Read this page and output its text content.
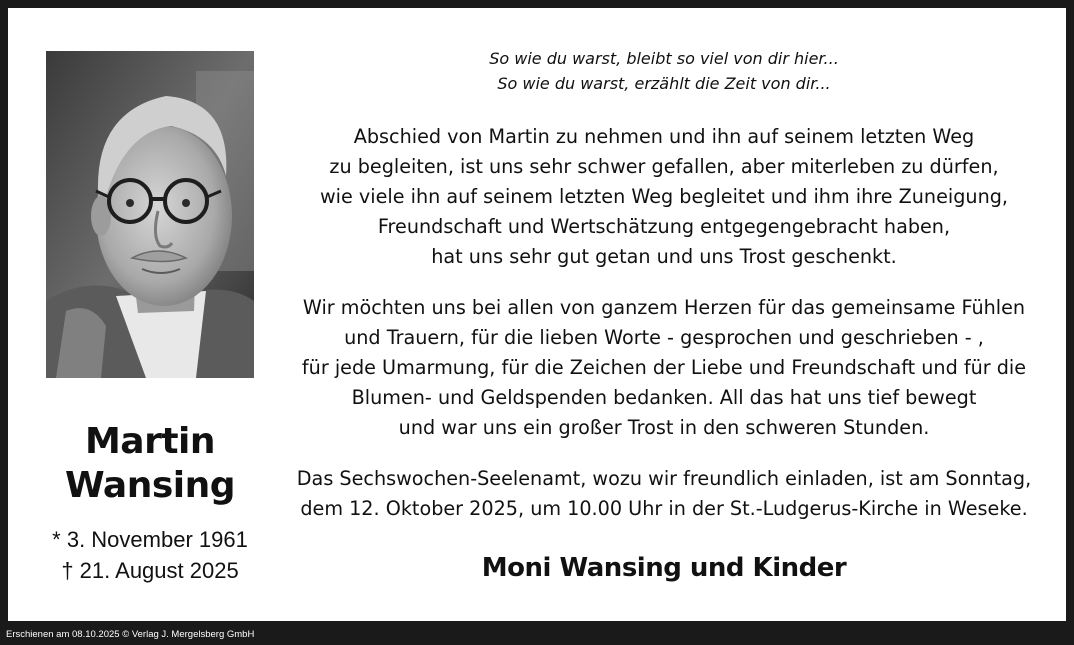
Martin
Wansing
* 3. November 1961
† 21. August 2025
So wie du warst, bleibt so viel von dir hier...
So wie du warst, erzählt die Zeit von dir...
Abschied von Martin zu nehmen und ihn auf seinem letzten Weg
zu begleiten, ist uns sehr schwer gefallen, aber miterleben zu dürfen,
wie viele ihn auf seinem letzten Weg begleitet und ihm ihre Zuneigung,
Freundschaft und Wertschätzung entgegengebracht haben,
hat uns sehr gut getan und uns Trost geschenkt.
Wir möchten uns bei allen von ganzem Herzen für das gemeinsame Fühlen
und Trauern, für die lieben Worte - gesprochen und geschrieben - ,
für jede Umarmung, für die Zeichen der Liebe und Freundschaft und für die
Blumen- und Geldspenden bedanken. All das hat uns tief bewegt
und war uns ein großer Trost in den schweren Stunden.
Das Sechswochen-Seelenamt, wozu wir freundlich einladen, ist am Sonntag,
dem 12. Oktober 2025, um 10.00 Uhr in der St.-Ludgerus-Kirche in Weseke.
Moni Wansing und Kinder
Erschienen am 08.10.2025 © Verlag J. Mergelsberg GmbH
